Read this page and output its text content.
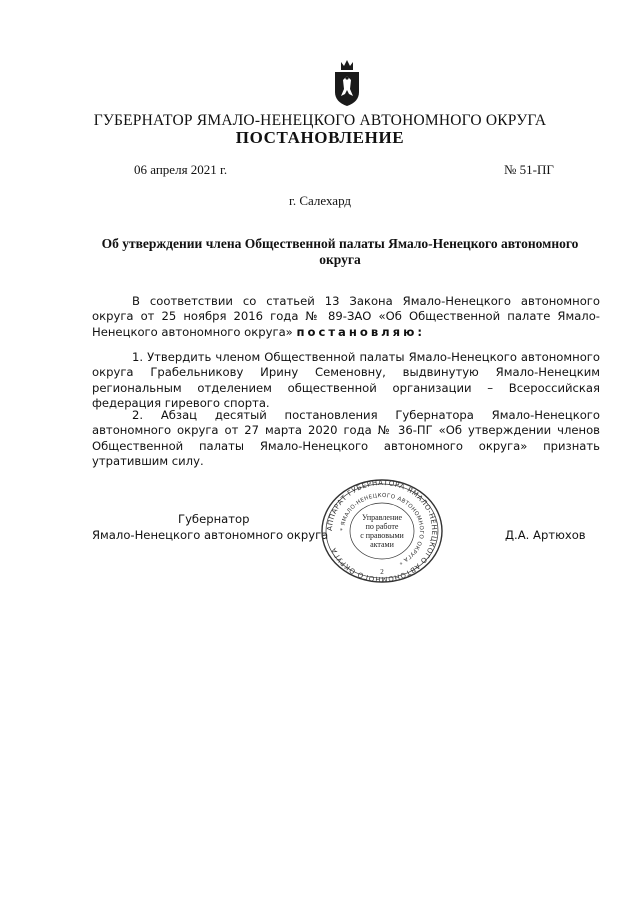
ГУБЕРНАТОР ЯМАЛО-НЕНЕЦКОГО АВТОНОМНОГО ОКРУГА
ПОСТАНОВЛЕНИЕ
06 апреля 2021 г.	№ 51-ПГ
г. Салехард
Об утверждении члена Общественной палаты Ямало-Ненецкого автономного округа
В соответствии со статьей 13 Закона Ямало-Ненецкого автономного округа от 25 ноября 2016 года № 89-ЗАО «Об Общественной палате Ямало-Ненецкого автономного округа» постановляю:
1. Утвердить членом Общественной палаты Ямало-Ненецкого автономного округа Грабельникову Ирину Семеновну, выдвинутую Ямало-Ненецким региональным отделением общественной организации – Всероссийская федерация гиревого спорта.
2. Абзац десятый постановления Губернатора Ямало-Ненецкого автономного округа от 27 марта 2020 года № 36-ПГ «Об утверждении членов Общественной палаты Ямало-Ненецкого автономного округа» признать утратившим силу.
Губернатор
Ямало-Ненецкого автономного округа	Д.А. Артюхов
АППАРАТ ГУБЕРНАТОРА ЯМАЛО-НЕНЕЦКОГО АВТОНОМНОГО ОКРУГА
* ЯМАЛО-НЕНЕЦКОГО АВТОНОМНОГО ОКРУГА *
Управление
по работе
с правовыми
актами
2
